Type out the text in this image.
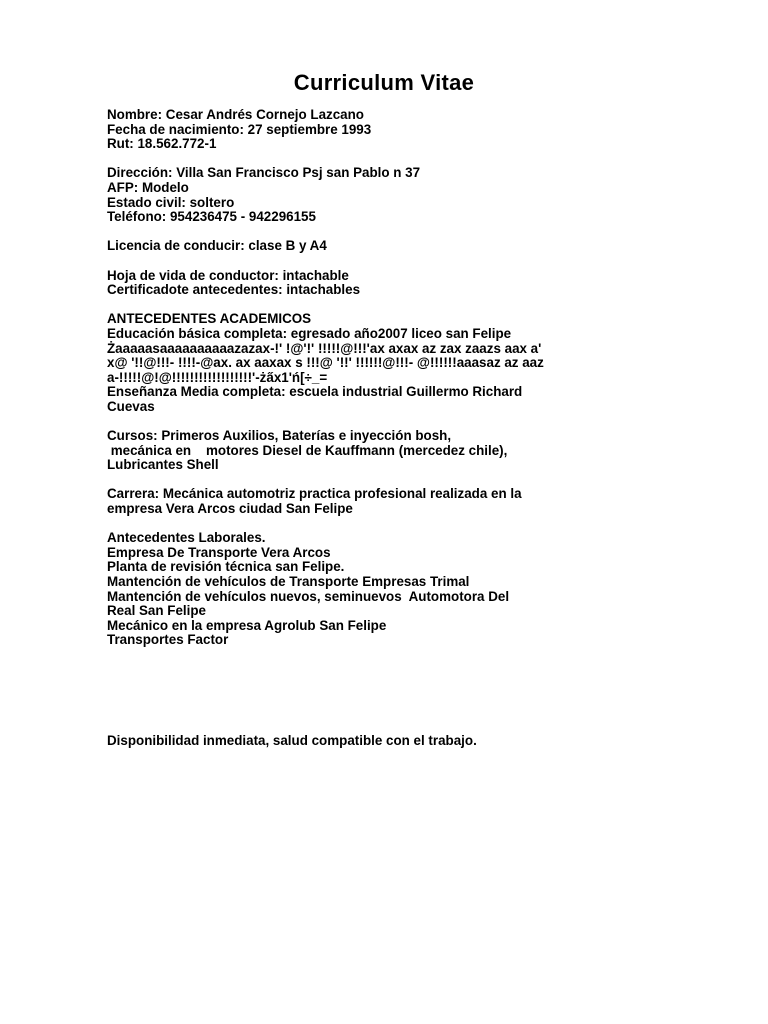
Curriculum Vitae
Nombre: Cesar Andrés Cornejo Lazcano
Fecha de nacimiento: 27 septiembre 1993
Rut: 18.562.772-1
Dirección: Villa San Francisco Psj san Pablo n 37
AFP: Modelo
Estado civil: soltero
Teléfono: 954236475 - 942296155
Licencia de conducir: clase B y A4
Hoja de vida de conductor: intachable
Certificadote antecedentes: intachables
ANTECEDENTES ACADEMICOS
Educación básica completa: egresado año2007 liceo san Felipe
Żaaaaasaaaaaaaaaazazax-!' !@'!' !!!!!@!!!'ax axax az zax zaazs aax a'
x@ '!!@!!!- !!!!-@ax. ax aaxax s !!!@ '!!' !!!!!!@!!!- @!!!!!!aaasaz az aaz
a-!!!!!@!@!!!!!!!!!!!!!!!!!!'-ża̋x1'ń[÷_=
Enseñanza Media completa: escuela industrial Guillermo Richard
Cuevas
Cursos: Primeros Auxilios, Baterías e inyección bosh,
mecánica en    motores Diesel de Kauffmann (mercedez chile),
Lubricantes Shell
Carrera: Mecánica automotriz practica profesional realizada en la
empresa Vera Arcos ciudad San Felipe
Antecedentes Laborales.
Empresa De Transporte Vera Arcos
Planta de revisión técnica san Felipe.
Mantención de vehículos de Transporte Empresas Trimal
Mantención de vehículos nuevos, seminuevos  Automotora Del
Real San Felipe
Mecánico en la empresa Agrolub San Felipe
Transportes Factor
Disponibilidad inmediata, salud compatible con el trabajo.
